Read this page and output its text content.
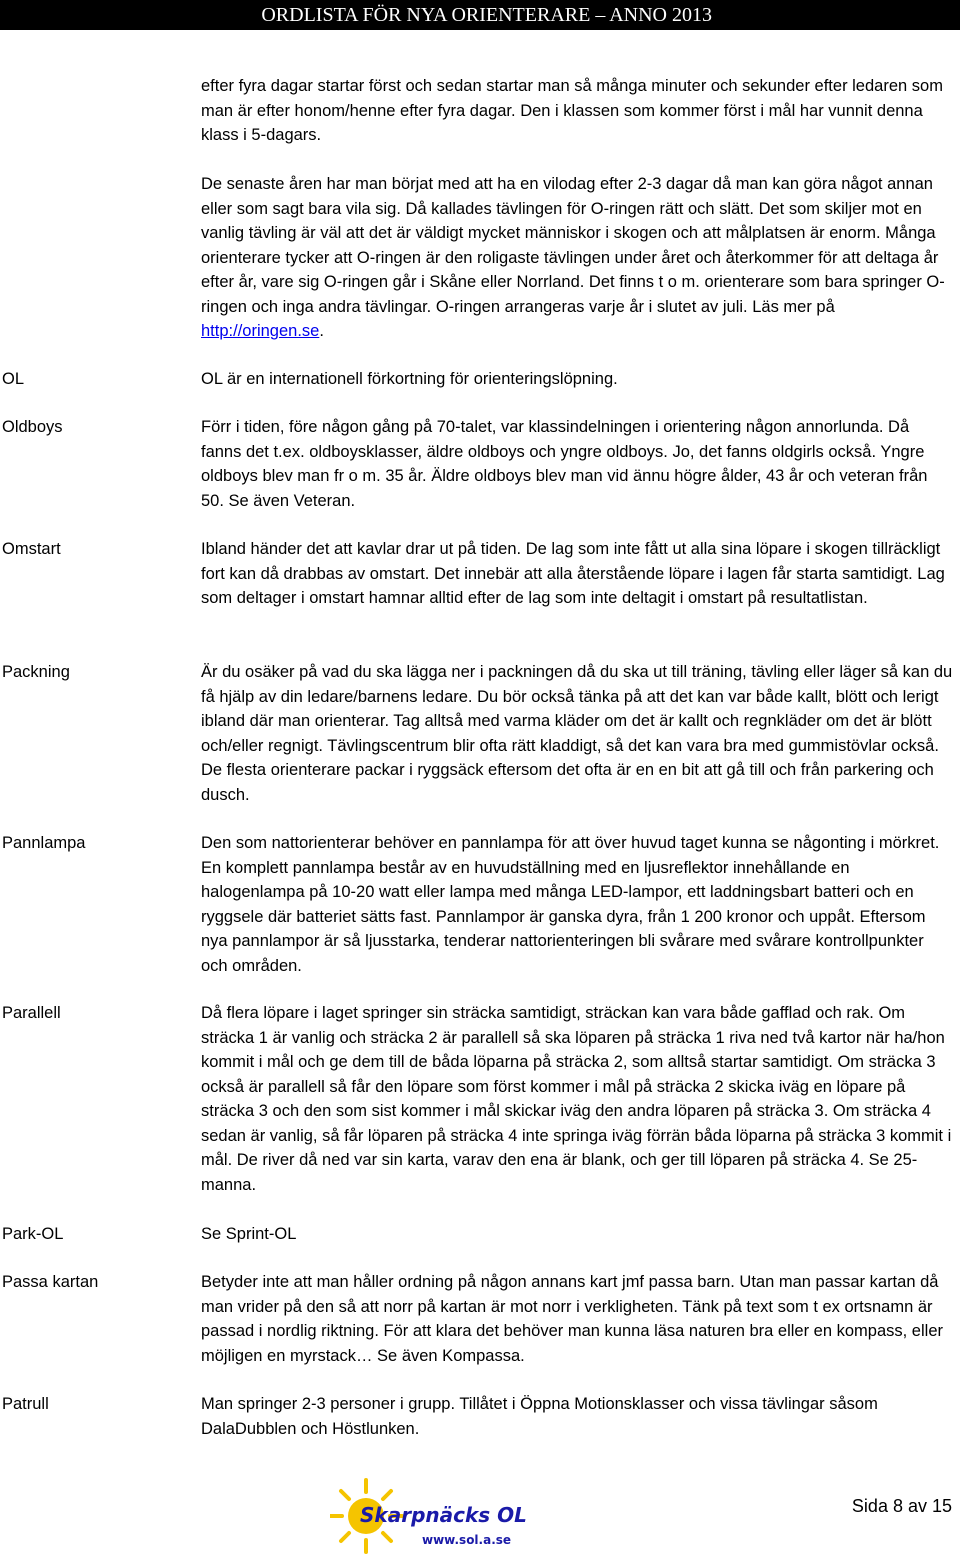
ORDLISTA FÖR NYA ORIENTERARE – ANNO 2013

efter fyra dagar startar först och sedan startar man så många minuter och sekunder efter ledaren som man är efter honom/henne efter fyra dagar. Den i klassen som kommer först i mål har vunnit denna klass i 5-dagars.

De senaste åren har man börjat med att ha en vilodag efter 2-3 dagar då man kan göra något annan eller som sagt bara vila sig. Då kallades tävlingen för O-ringen rätt och slätt. Det som skiljer mot en vanlig tävling är väl att det är väldigt mycket människor i skogen och att målplatsen är enorm. Många orienterare tycker att O-ringen är den roligaste tävlingen under året och återkommer för att deltaga år efter år, vare sig O-ringen går i Skåne eller Norrland. Det finns t o m. orienterare som bara springer O-ringen och inga andra tävlingar. O-ringen arrangeras varje år i slutet av juli. Läs mer på http://oringen.se.

OL	OL är en internationell förkortning för orienteringslöpning.

Oldboys	Förr i tiden, före någon gång på 70-talet, var klassindelningen i orientering någon annorlunda. Då fanns det t.ex. oldboysklasser, äldre oldboys och yngre oldboys. Jo, det fanns oldgirls också. Yngre oldboys blev man fr o m. 35 år. Äldre oldboys blev man vid ännu högre ålder, 43 år och veteran från 50. Se även Veteran.

Omstart	Ibland händer det att kavlar drar ut på tiden. De lag som inte fått ut alla sina löpare i skogen tillräckligt fort kan då drabbas av omstart. Det innebär att alla återstående löpare i lagen får starta samtidigt. Lag som deltager i omstart hamnar alltid efter de lag som inte deltagit i omstart på resultatlistan.

Packning	Är du osäker på vad du ska lägga ner i packningen då du ska ut till träning, tävling eller läger så kan du få hjälp av din ledare/barnens ledare. Du bör också tänka på att det kan var både kallt, blött och lerigt ibland där man orienterar. Tag alltså med varma kläder om det är kallt och regnkläder om det är blött och/eller regnigt. Tävlingscentrum blir ofta rätt kladdigt, så det kan vara bra med gummistövlar också. De flesta orienterare packar i ryggsäck eftersom det ofta är en en bit att gå till och från parkering och dusch.

Pannlampa	Den som nattorienterar behöver en pannlampa för att över huvud taget kunna se någonting i mörkret. En komplett pannlampa består av en huvudställning med en ljusreflektor innehållande en halogenlampa på 10-20 watt eller lampa med många LED-lampor, ett laddningsbart batteri och en ryggsele där batteriet sätts fast. Pannlampor är ganska dyra, från 1 200 kronor och uppåt. Eftersom nya pannlampor är så ljusstarka, tenderar nattorienteringen bli svårare med svårare kontrollpunkter och områden.

Parallell	Då flera löpare i laget springer sin sträcka samtidigt, sträckan kan vara både gafflad och rak. Om sträcka 1 är vanlig och sträcka 2 är parallell så ska löparen på sträcka 1 riva ned två kartor när ha/hon kommit i mål och ge dem till de båda löparna på sträcka 2, som alltså startar samtidigt. Om sträcka 3 också är parallell så får den löpare som först kommer i mål på sträcka 2 skicka iväg en löpare på sträcka 3 och den som sist kommer i mål skickar iväg den andra löparen på sträcka 3. Om sträcka 4 sedan är vanlig, så får löparen på sträcka 4 inte springa iväg förrän båda löparna på sträcka 3 kommit i mål. De river då ned var sin karta, varav den ena är blank, och ger till löparen på sträcka 4. Se 25-manna.

Park-OL	Se Sprint-OL

Passa kartan	Betyder inte att man håller ordning på någon annans kart jmf passa barn. Utan man passar kartan då man vrider på den så att norr på kartan är mot norr i verkligheten. Tänk på text som t ex ortsnamn är passad i nordlig riktning. För att klara det behöver man kunna läsa naturen bra eller en kompass, eller möjligen en myrstack… Se även Kompassa.

Patrull	Man springer 2-3 personer i grupp. Tillåtet i Öppna Motionsklasser och vissa tävlingar såsom DalaDubblen och Höstlunken.

Skarpnäcks OL
www.sol.a.se
Sida 8 av 15
